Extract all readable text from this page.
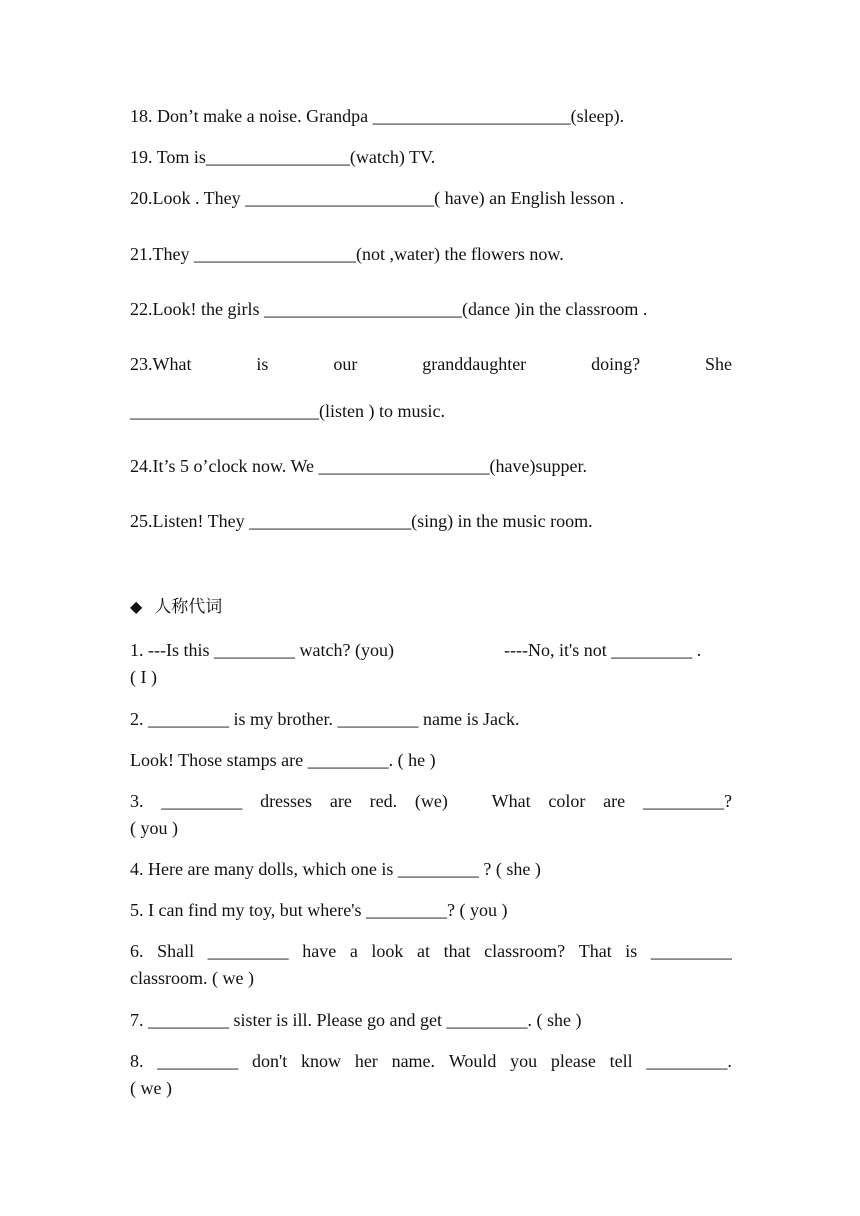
18. Don’t make a noise. Grandpa ______________________(sleep).
19. Tom is________________(watch) TV.
20.Look . They _____________________( have) an English lesson .
21.They __________________(not ,water) the flowers now.
22.Look! the girls ______________________(dance )in the classroom .
23.What	is	our	granddaughter	doing?	She
_____________________(listen ) to music.
24.It’s 5 o’clock now. We ___________________(have)supper.
25.Listen! They __________________(sing) in the music room.
◆ 人称代词
1. ---Is this _________ watch? (you)	----No, it's not _________ .
( I )
2. _________ is my brother. _________ name is Jack.
Look! Those stamps are _________. ( he )
3. _________ dresses are red. (we) What color are _________?
( you )
4. Here are many dolls, which one is _________ ? ( she )
5. I can find my toy, but where's _________? ( you )
6. Shall _________ have a look at that classroom? That is _________
classroom. ( we )
7. _________ sister is ill. Please go and get _________. ( she )
8. _________ don't know her name. Would you please tell _________.
( we )
